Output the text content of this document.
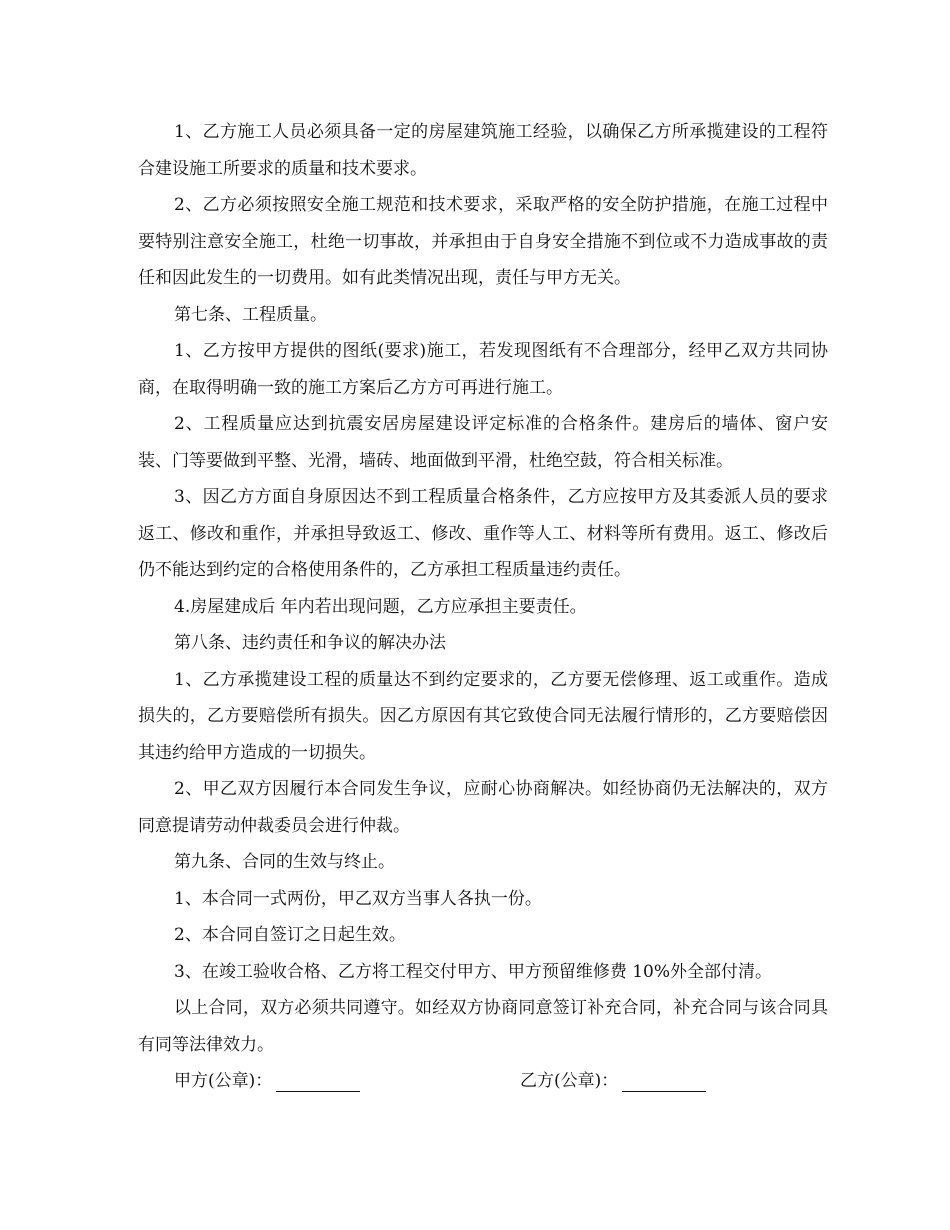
1、乙方施工人员必须具备一定的房屋建筑施工经验，以确保乙方所承揽建设的工程符合建设施工所要求的质量和技术要求。

2、乙方必须按照安全施工规范和技术要求，采取严格的安全防护措施，在施工过程中要特别注意安全施工，杜绝一切事故，并承担由于自身安全措施不到位或不力造成事故的责任和因此发生的一切费用。如有此类情况出现，责任与甲方无关。

第七条、工程质量。

1、乙方按甲方提供的图纸(要求)施工，若发现图纸有不合理部分，经甲乙双方共同协商，在取得明确一致的施工方案后乙方方可再进行施工。

2、工程质量应达到抗震安居房屋建设评定标准的合格条件。建房后的墙体、窗户安装、门等要做到平整、光滑，墙砖、地面做到平滑，杜绝空鼓，符合相关标准。

3、因乙方方面自身原因达不到工程质量合格条件，乙方应按甲方及其委派人员的要求返工、修改和重作，并承担导致返工、修改、重作等人工、材料等所有费用。返工、修改后仍不能达到约定的合格使用条件的，乙方承担工程质量违约责任。

4.房屋建成后 年内若出现问题，乙方应承担主要责任。

第八条、违约责任和争议的解决办法

1、乙方承揽建设工程的质量达不到约定要求的，乙方要无偿修理、返工或重作。造成损失的，乙方要赔偿所有损失。因乙方原因有其它致使合同无法履行情形的，乙方要赔偿因其违约给甲方造成的一切损失。

2、甲乙双方因履行本合同发生争议，应耐心协商解决。如经协商仍无法解决的，双方同意提请劳动仲裁委员会进行仲裁。

第九条、合同的生效与终止。

1、本合同一式两份，甲乙双方当事人各执一份。

2、本合同自签订之日起生效。

3、在竣工验收合格、乙方将工程交付甲方、甲方预留维修费 10%外全部付清。

以上合同，双方必须共同遵守。如经双方协商同意签订补充合同，补充合同与该合同具有同等法律效力。

甲方(公章)：	乙方(公章)：
